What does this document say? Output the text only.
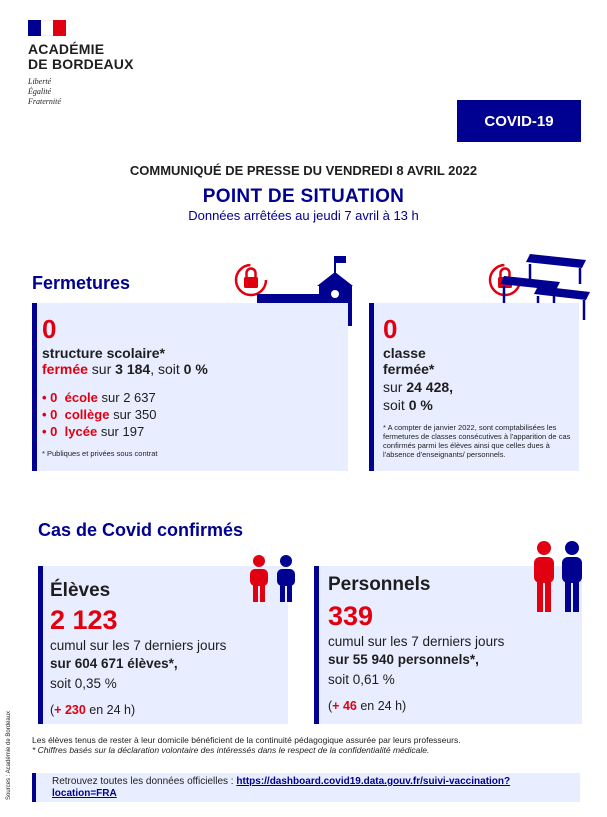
ACADÉMIE
DE BORDEAUX
Liberté
Égalité
Fraternité
COVID-19
COMMUNIQUÉ DE PRESSE DU VENDREDI 8 AVRIL 2022
POINT DE SITUATION
Données arrêtées au jeudi 7 avril à 13 h
Fermetures
0
structure scolaire*
fermée sur 3 184, soit 0 %
• 0 école sur 2 637
• 0 collège sur 350
• 0 lycée sur 197
* Publiques et privées sous contrat
0
classe
fermée*
sur 24 428,
soit 0 %
* A compter de janvier 2022, sont comptabilisées les fermetures de classes consécutives à l'apparition de cas confirmés parmi les élèves ainsi que celles dues à l'absence d'enseignants/ personnels.
Cas de Covid confirmés
Élèves
2 123
cumul sur les 7 derniers jours
sur 604 671 élèves*,
soit 0,35 %
(+ 230 en 24 h)
Personnels
339
cumul sur les 7 derniers jours
sur 55 940 personnels*,
soit 0,61 %
(+ 46 en 24 h)
Les élèves tenus de rester à leur domicile bénéficient de la continuité pédagogique assurée par leurs professeurs.
* Chiffres basés sur la déclaration volontaire des intéressés dans le respect de la confidentialité médicale.
Retrouvez toutes les données officielles : https://dashboard.covid19.data.gouv.fr/suivi-vaccination?location=FRA
Sources : Académie de Bordeaux
